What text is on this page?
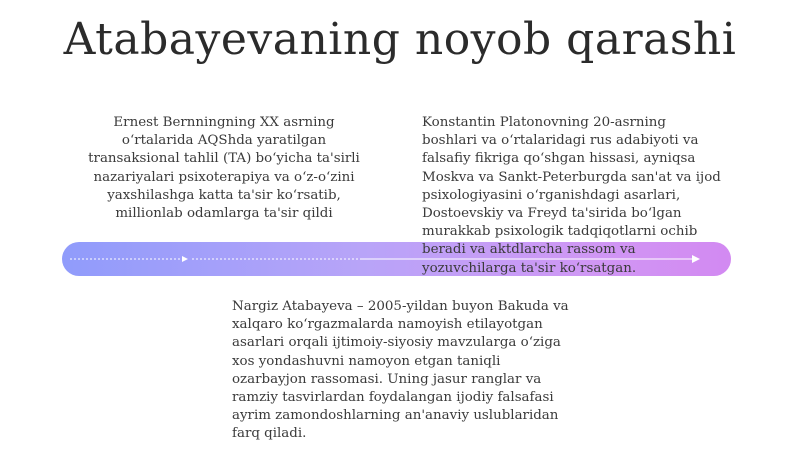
Atabayevaning noyob qarashi
Ernest Bernningning XX asrning
o‘rtalarida AQShda yaratilgan
transaksional tahlil (TA) bo‘yicha ta'sirli
nazariyalari psixoterapiya va o‘z-o‘zini
yaxshilashga katta ta'sir ko‘rsatib,
millionlab odamlarga ta'sir qildi
Konstantin Platonovning 20-asrning
boshlari va o‘rtalaridagi rus adabiyoti va
falsafiy fikriga qo‘shgan hissasi, ayniqsa
Moskva va Sankt-Peterburgda san'at va ijod
psixologiyasini o‘rganishdagi asarlari,
Dostoevskiy va Freyd ta'sirida bo‘lgan
murakkab psixologik tadqiqotlarni ochib
beradi va aktdlarcha rassom va
yozuvchilarga ta'sir ko‘rsatgan.
Nargiz Atabayeva – 2005-yildan buyon Bakuda va
xalqaro ko‘rgazmalarda namoyish etilayotgan
asarlari orqali ijtimoiy-siyosiy mavzularga o‘ziga
xos yondashuvni namoyon etgan taniqli
ozarbayjon rassomasi. Uning jasur ranglar va
ramziy tasvirlardan foydalangan ijodiy falsafasi
ayrim zamondoshlarning an'anaviy uslublaridan
farq qiladi.
